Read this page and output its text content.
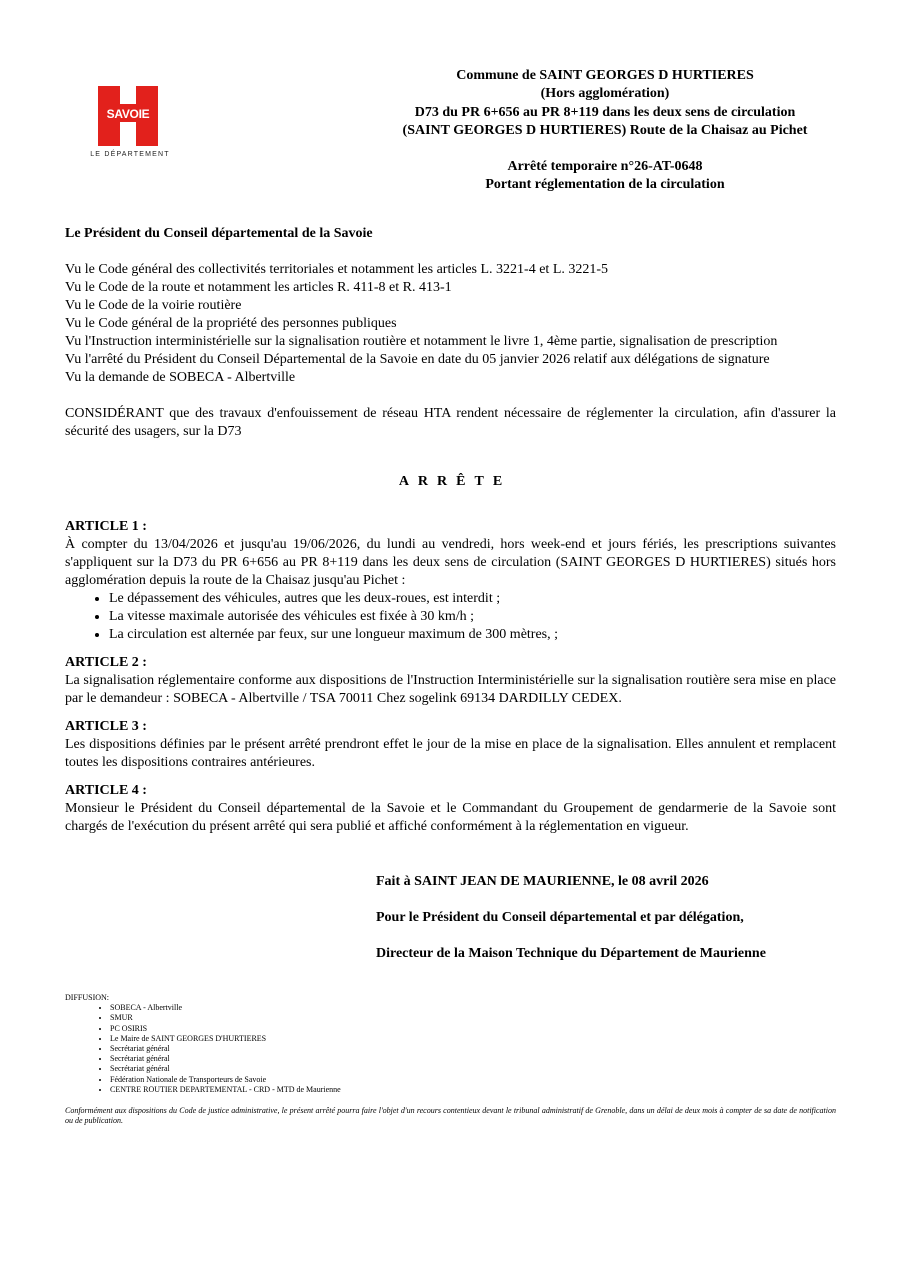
SAVOIE
LE DÉPARTEMENT
Commune de SAINT GEORGES D HURTIERES
(Hors agglomération)
D73 du PR 6+656 au PR 8+119 dans les deux sens de circulation
(SAINT GEORGES D HURTIERES) Route de la Chaisaz au Pichet
Arrêté temporaire n°26-AT-0648
Portant réglementation de la circulation

Le Président du Conseil départemental de la Savoie

Vu le Code général des collectivités territoriales et notamment les articles L. 3221-4 et L. 3221-5

Vu le Code de la route et notamment les articles R. 411-8 et R. 413-1

Vu le Code de la voirie routière

Vu le Code général de la propriété des personnes publiques

Vu l'Instruction interministérielle sur la signalisation routière et notamment le livre 1, 4ème partie, signalisation de prescription

Vu l'arrêté du Président du Conseil Départemental de la Savoie en date du 05 janvier 2026 relatif aux délégations de signature

Vu la demande de SOBECA - Albertville

CONSIDÉRANT que des travaux d'enfouissement de réseau HTA rendent nécessaire de réglementer la circulation, afin d'assurer la sécurité des usagers, sur la D73

ARRÊTE

ARTICLE 1 :

À compter du 13/04/2026 et jusqu'au 19/06/2026, du lundi au vendredi, hors week-end et jours fériés, les prescriptions suivantes s'appliquent sur la D73 du PR 6+656 au PR 8+119 dans les deux sens de circulation (SAINT GEORGES D HURTIERES) situés hors agglomération depuis la route de la Chaisaz jusqu'au Pichet :

• Le dépassement des véhicules, autres que les deux-roues, est interdit ;
• La vitesse maximale autorisée des véhicules est fixée à 30 km/h ;
• La circulation est alternée par feux, sur une longueur maximum de 300 mètres, ;

ARTICLE 2 :

La signalisation réglementaire conforme aux dispositions de l'Instruction Interministérielle sur la signalisation routière sera mise en place par le demandeur : SOBECA - Albertville / TSA 70011 Chez sogelink 69134 DARDILLY CEDEX.

ARTICLE 3 :

Les dispositions définies par le présent arrêté prendront effet le jour de la mise en place de la signalisation. Elles annulent et remplacent toutes les dispositions contraires antérieures.

ARTICLE 4 :

Monsieur le Président du Conseil départemental de la Savoie et le Commandant du Groupement de gendarmerie de la Savoie sont chargés de l'exécution du présent arrêté qui sera publié et affiché conformément à la réglementation en vigueur.

Fait à SAINT JEAN DE MAURIENNE, le 08 avril 2026

Pour le Président du Conseil départemental et par délégation,

Directeur de la Maison Technique du Département de Maurienne

DIFFUSION:

• SOBECA - Albertville
• SMUR
• PC OSIRIS
• Le Maire de SAINT GEORGES D'HURTIERES
• Secrétariat général
• Secrétariat général
• Secrétariat général
• Fédération Nationale de Transporteurs de Savoie
• CENTRE ROUTIER DEPARTEMENTAL - CRD - MTD de Maurienne

Conformément aux dispositions du Code de justice administrative, le présent arrêté pourra faire l'objet d'un recours contentieux devant le tribunal administratif de Grenoble, dans un délai de deux mois à compter de sa date de notification ou de publication.
